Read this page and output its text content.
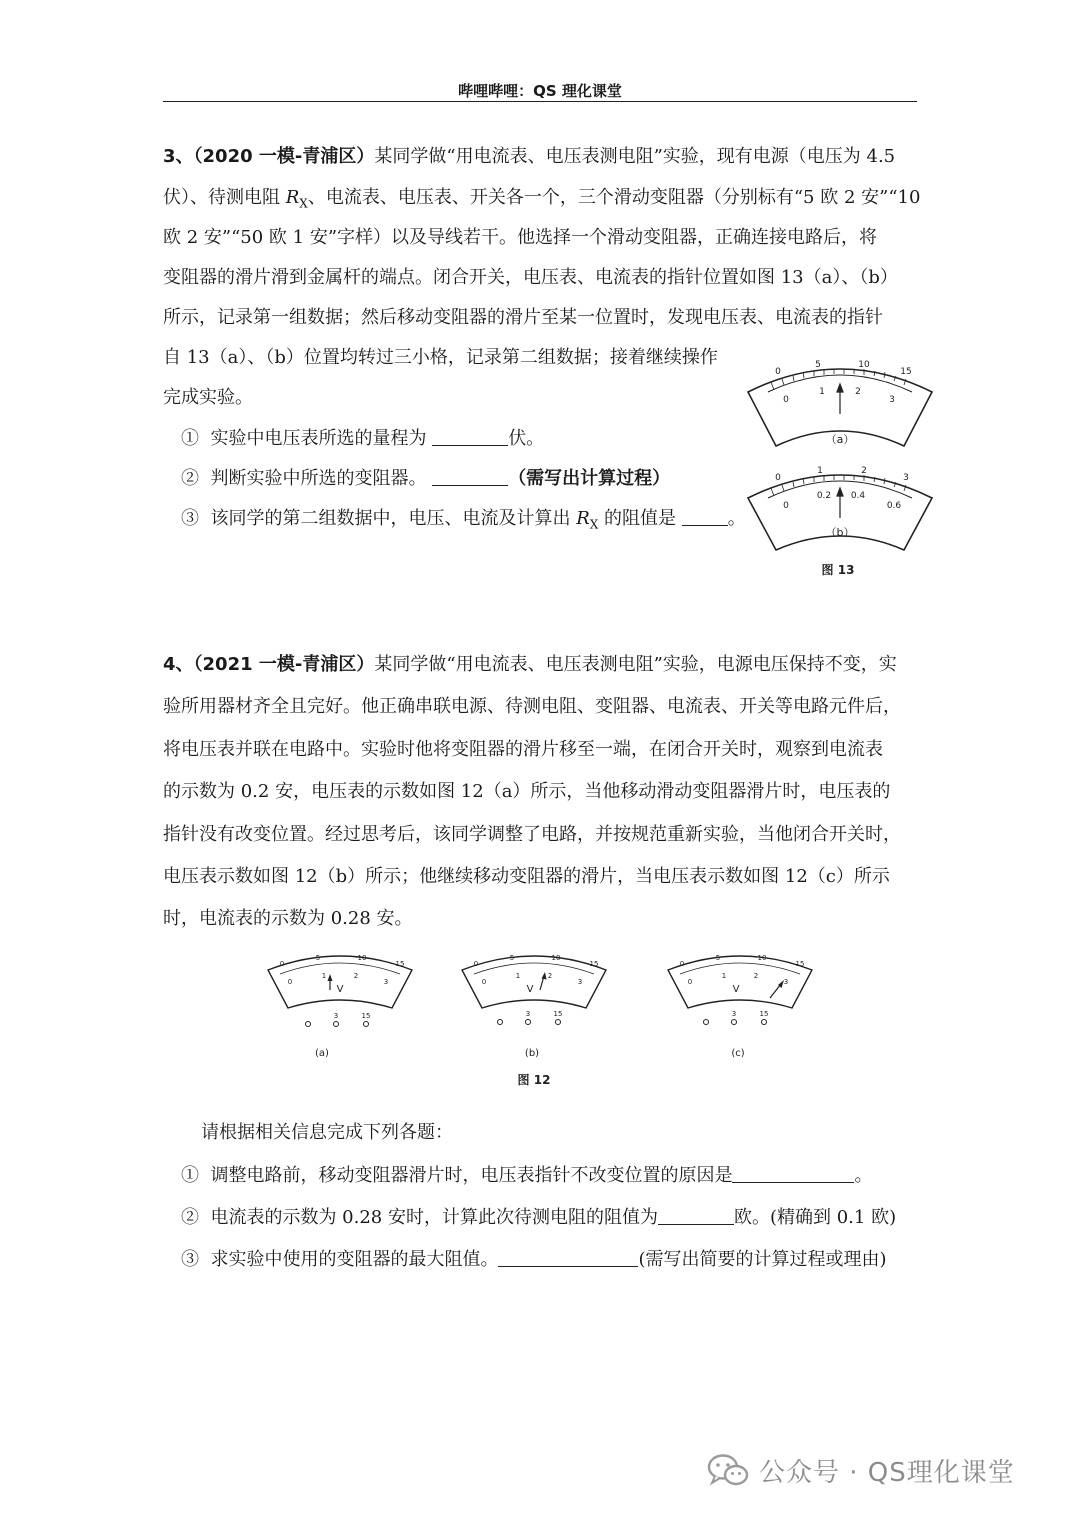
哔哩哔哩：QS 理化课堂
3、（2020 一模-青浦区）某同学做“用电流表、电压表测电阻”实验，现有电源（电压为 4.5
伏）、待测电阻 $R_X$、电流表、电压表、开关各一个，三个滑动变阻器（分别标有“5 欧 2 安”“10
欧 2 安”“50 欧 1 安”字样）以及导线若干。他选择一个滑动变阻器，正确连接电路后，将
变阻器的滑片滑到金属杆的端点。闭合开关，电压表、电流表的指针位置如图 13（a）、（b）
所示，记录第一组数据；然后移动变阻器的滑片至某一位置时，发现电压表、电流表的指针
自 13（a）、（b）位置均转过三小格，记录第二组数据；接着继续操作
完成实验。
① 实验中电压表所选的量程为	伏。
② 判断实验中所选的变阻器。	（需写出计算过程）
③ 该同学的第二组数据中，电压、电流及计算出 $R_X$ 的阻值是	。
0
5	10
15
0
1	2
3
（a）
0
1	2
3
0
0.2 0.4
0.6
（b）
图 13
4、（2021 一模-青浦区）某同学做“用电流表、电压表测电阻”实验，电源电压保持不变，实
验所用器材齐全且完好。他正确串联电源、待测电阻、变阻器、电流表、开关等电路元件后，
将电压表并联在电路中。实验时他将变阻器的滑片移至一端，在闭合开关时，观察到电流表
的示数为 0.2 安，电压表的示数如图 12（a）所示，当他移动滑动变阻器滑片时，电压表的
指针没有改变位置。经过思考后，该同学调整了电路，并按规范重新实验，当他闭合开关时，
电压表示数如图 12（b）所示；他继续移动变阻器的滑片，当电压表示数如图 12（c）所示
时，电流表的示数为 0.28 安。
0
5	10
15
0
1	2
3
V
3	15
(a)
0
5	10
15
0
1	2
3
V
3	15
(b)
0
5	10
15
0
1	2
3
V
3	15
(c)
图 12
请根据相关信息完成下列各题：
① 调整电路前，移动变阻器滑片时，电压表指针不改变位置的原因是	。
② 电流表的示数为 0.28 安时，计算此次待测电阻的阻值为	欧。(精确到 0.1 欧)
③ 求实验中使用的变阻器的最大阻值。	(需写出简要的计算过程或理由)
公众号 · QS理化课堂
